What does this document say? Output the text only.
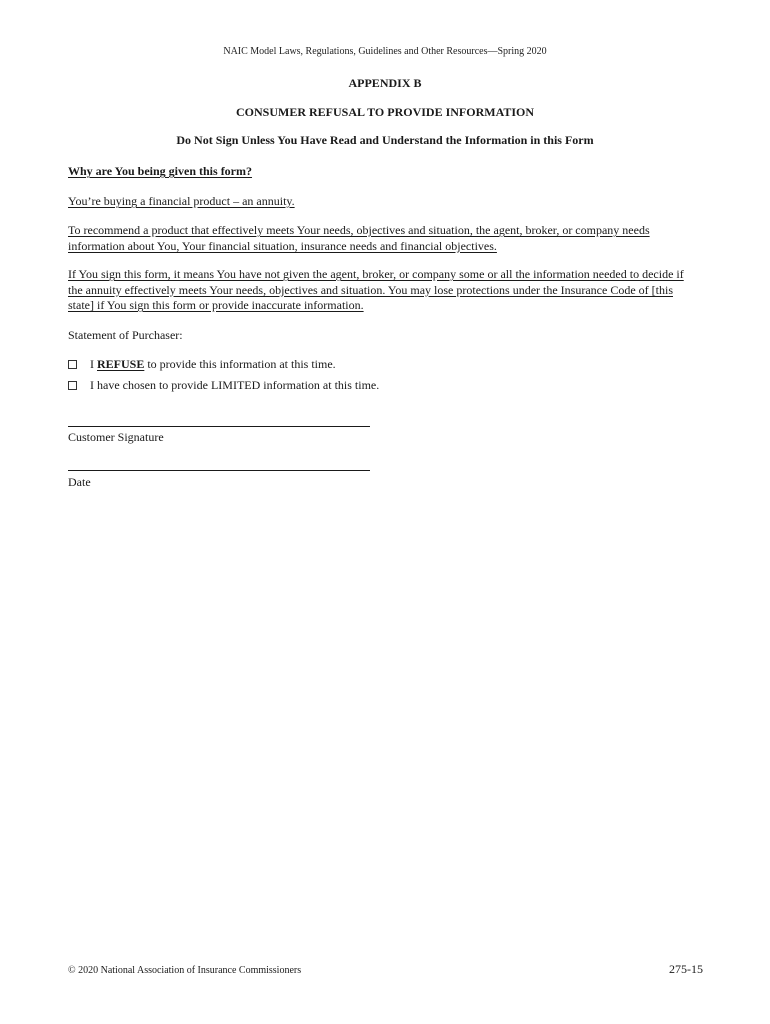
NAIC Model Laws, Regulations, Guidelines and Other Resources—Spring 2020
APPENDIX B
CONSUMER REFUSAL TO PROVIDE INFORMATION
Do Not Sign Unless You Have Read and Understand the Information in this Form
Why are You being given this form?
You’re buying a financial product – an annuity.
To recommend a product that effectively meets Your needs, objectives and situation, the agent, broker, or company needs information about You, Your financial situation, insurance needs and financial objectives.
If You sign this form, it means You have not given the agent, broker, or company some or all the information needed to decide if the annuity effectively meets Your needs, objectives and situation. You may lose protections under the Insurance Code of [this state] if You sign this form or provide inaccurate information.
Statement of Purchaser:
I REFUSE to provide this information at this time.
I have chosen to provide LIMITED information at this time.
Customer Signature
Date
© 2020 National Association of Insurance Commissioners	275-15
